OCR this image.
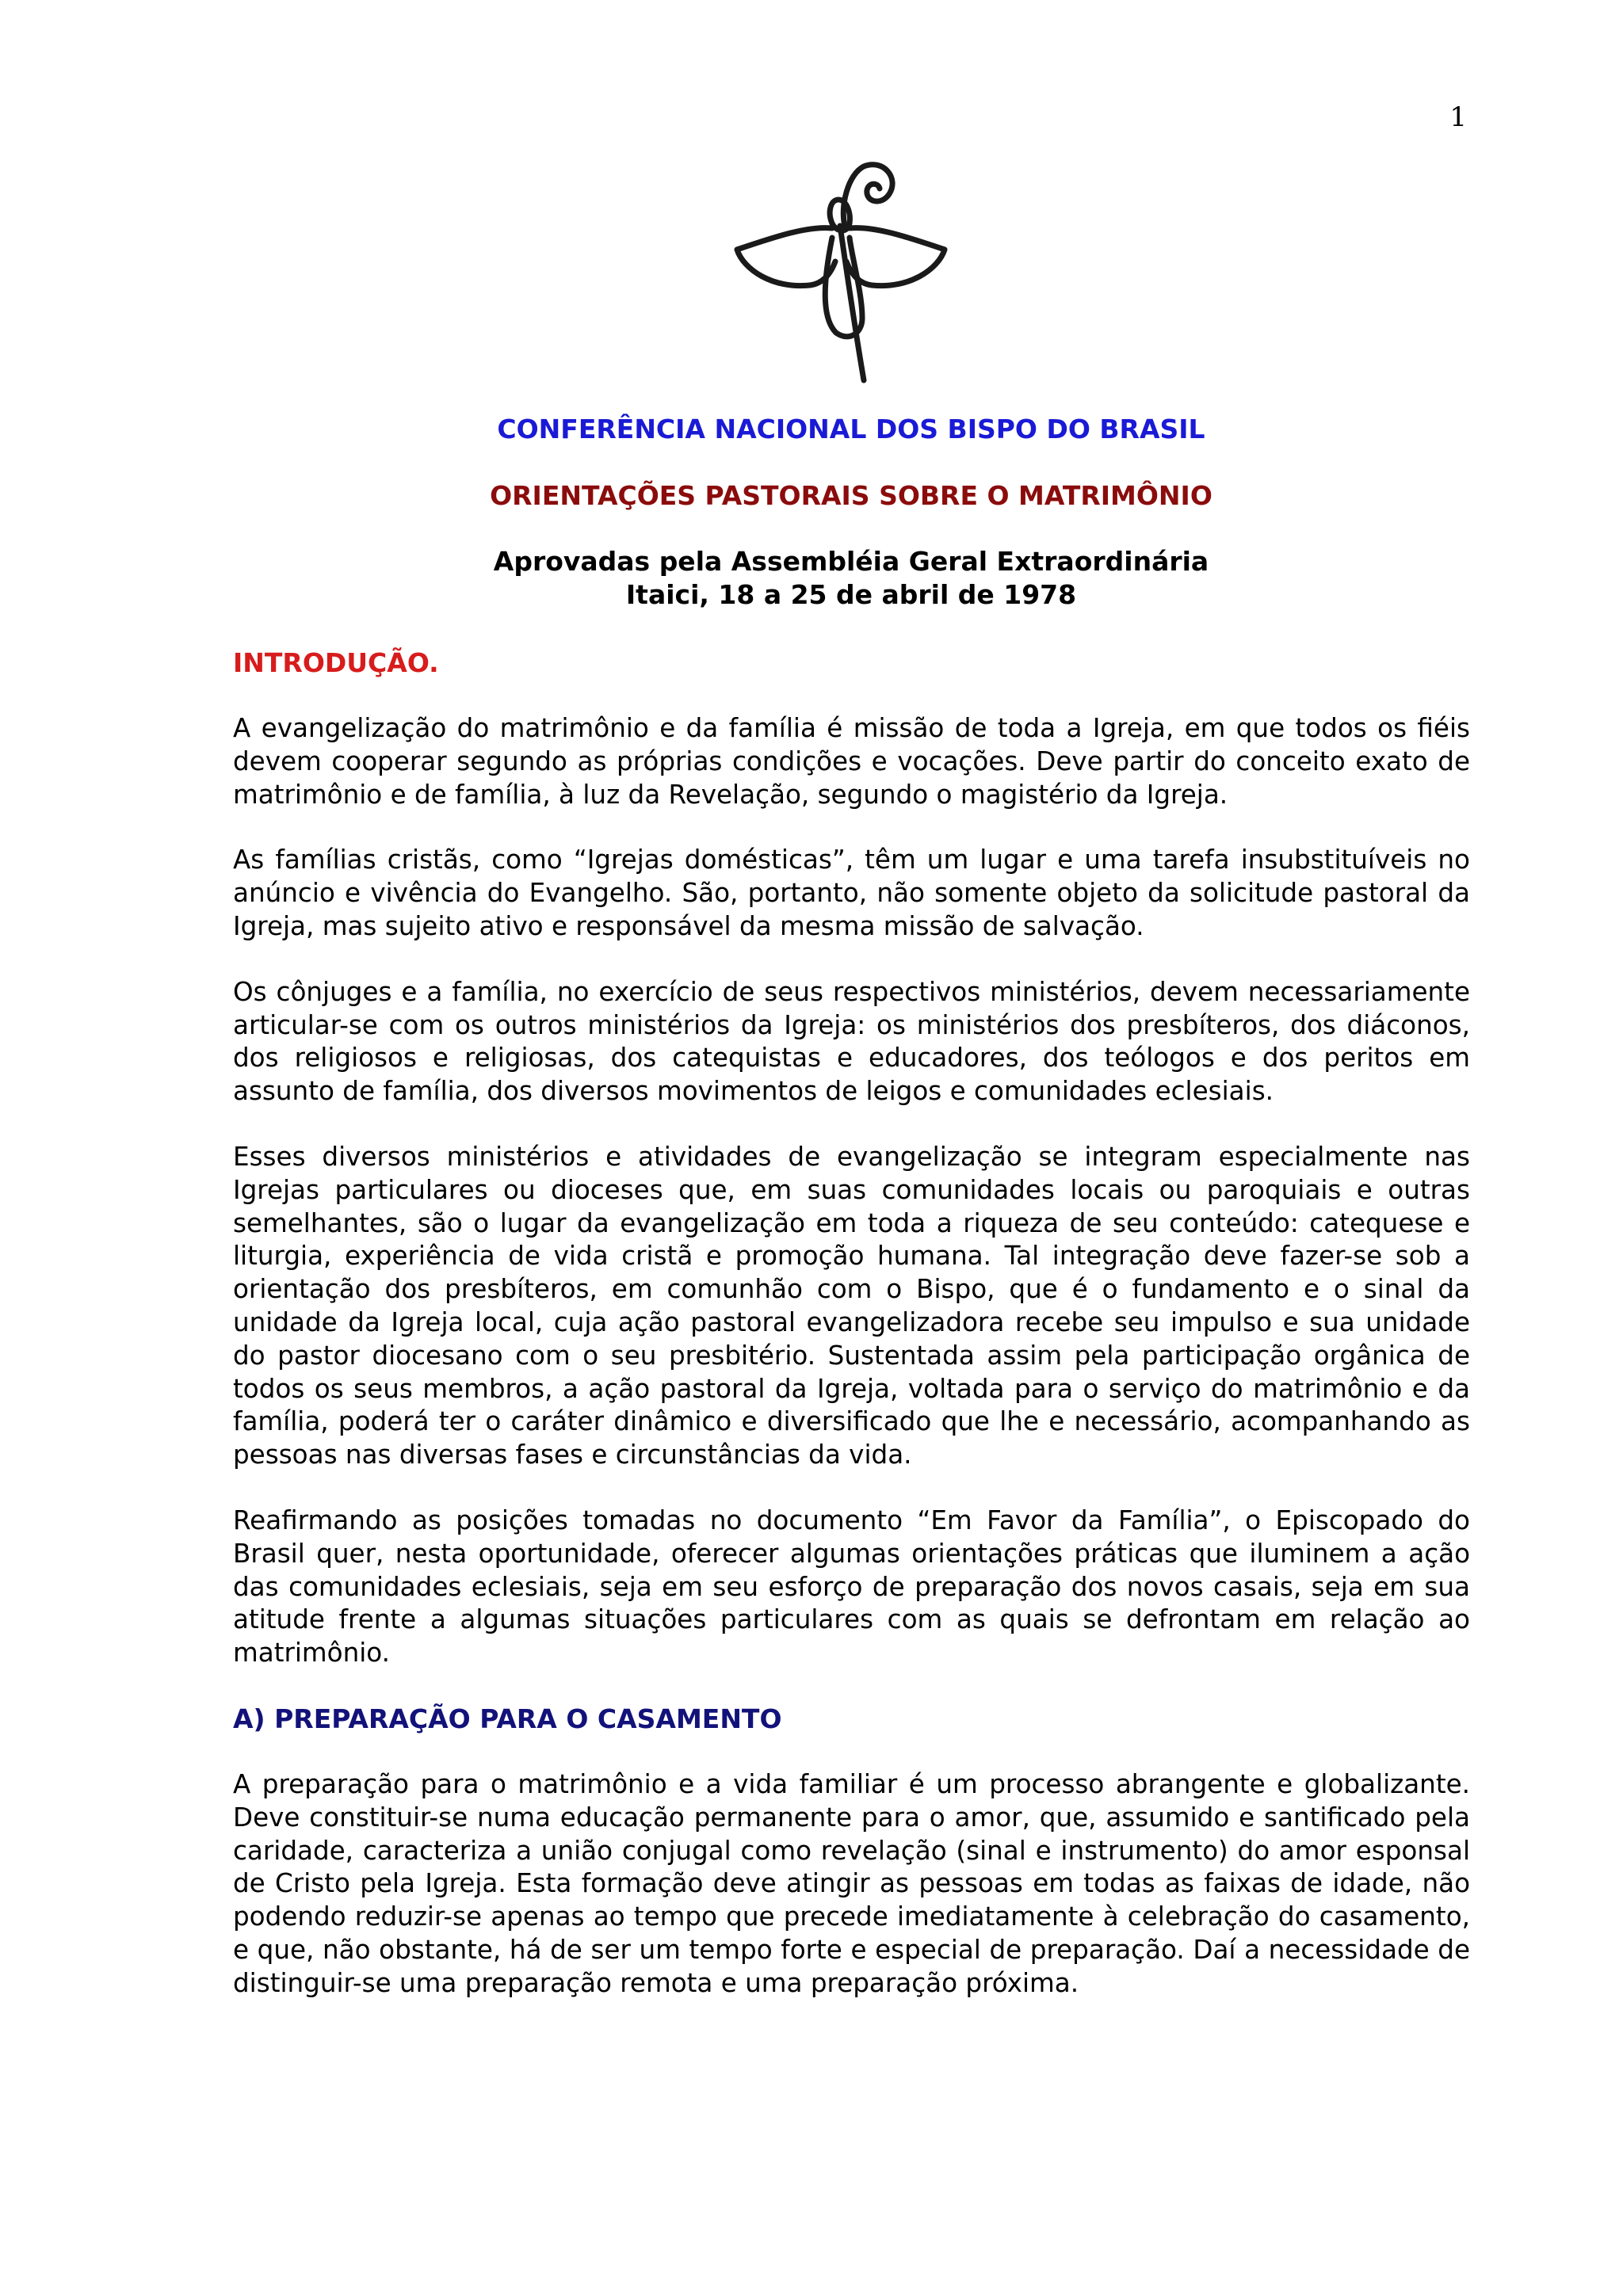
1
CONFERÊNCIA NACIONAL DOS BISPO DO BRASIL
ORIENTAÇÕES PASTORAIS SOBRE O MATRIMÔNIO
Aprovadas pela Assembléia Geral Extraordinária
Itaici, 18 a 25 de abril de 1978
INTRODUÇÃO.

A evangelização do matrimônio e da família é missão de toda a Igreja, em que todos os fiéis devem cooperar segundo as próprias condições e vocações. Deve partir do conceito exato de matrimônio e de família, à luz da Revelação, segundo o magistério da Igreja.

As famílias cristãs, como “Igrejas domésticas”, têm um lugar e uma tarefa insubstituíveis no anúncio e vivência do Evangelho. São, portanto, não somente objeto da solicitude pastoral da Igreja, mas sujeito ativo e responsável da mesma missão de salvação.

Os cônjuges e a família, no exercício de seus respectivos ministérios, devem necessariamente articular-se com os outros ministérios da Igreja: os ministérios dos presbíteros, dos diáconos, dos religiosos e religiosas, dos catequistas e educadores, dos teólogos e dos peritos em assunto de família, dos diversos movimentos de leigos e comunidades eclesiais.

Esses diversos ministérios e atividades de evangelização se integram especialmente nas Igrejas particulares ou dioceses que, em suas comunidades locais ou paroquiais e outras semelhantes, são o lugar da evangelização em toda a riqueza de seu conteúdo: catequese e liturgia, experiência de vida cristã e promoção humana. Tal integração deve fazer-se sob a orientação dos presbíteros, em comunhão com o Bispo, que é o fundamento e o sinal da unidade da Igreja local, cuja ação pastoral evangelizadora recebe seu impulso e sua unidade do pastor diocesano com o seu presbitério. Sustentada assim pela participação orgânica de todos os seus membros, a ação pastoral da Igreja, voltada para o serviço do matrimônio e da família, poderá ter o caráter dinâmico e diversificado que lhe e necessário, acompanhando as pessoas nas diversas fases e circunstâncias da vida.

Reafirmando as posições tomadas no documento “Em Favor da Família”, o Episcopado do Brasil quer, nesta oportunidade, oferecer algumas orientações práticas que iluminem a ação das comunidades eclesiais, seja em seu esforço de preparação dos novos casais, seja em sua atitude frente a algumas situações particulares com as quais se defrontam em relação ao matrimônio.

A) PREPARAÇÃO PARA O CASAMENTO

A preparação para o matrimônio e a vida familiar é um processo abrangente e globalizante. Deve constituir-se numa educação permanente para o amor, que, assumido e santificado pela caridade, caracteriza a união conjugal como revelação (sinal e instrumento) do amor esponsal de Cristo pela Igreja. Esta formação deve atingir as pessoas em todas as faixas de idade, não podendo reduzir-se apenas ao tempo que precede imediatamente à celebração do casamento, e que, não obstante, há de ser um tempo forte e especial de preparação. Daí a necessidade de distinguir-se uma preparação remota e uma preparação próxima.
